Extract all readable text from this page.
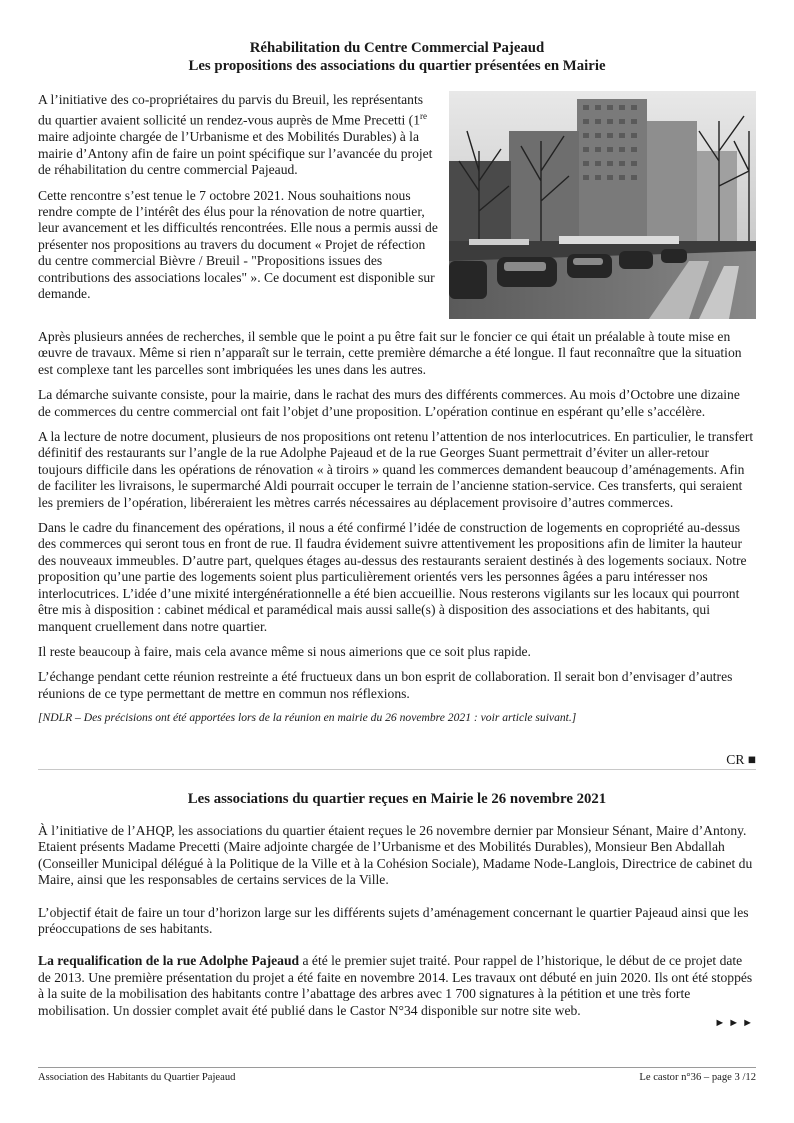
Réhabilitation du Centre Commercial Pajeaud
Les propositions des associations du quartier présentées en Mairie

A l’initiative des co-propriétaires du parvis du Breuil, les représentants du quartier avaient sollicité un rendez-vous auprès de Mme Precetti (1re maire adjointe chargée de l’Urbanisme et des Mobilités Durables) à la mairie d’Antony afin de faire un point spécifique sur l’avancée du projet de réhabilitation du centre commercial Pajeaud.

Cette rencontre s’est tenue le 7 octobre 2021. Nous souhaitions nous rendre compte de l’intérêt des élus pour la rénovation de notre quartier, leur avancement et les difficultés rencontrées. Elle nous a permis aussi de présenter nos propositions au travers du document « Projet de réfection du centre commercial Bièvre / Breuil - "Propositions issues des contributions des associations locales" ». Ce document est disponible sur demande.

Après plusieurs années de recherches, il semble que le point a pu être fait sur le foncier ce qui était un préalable à toute mise en œuvre de travaux. Même si rien n’apparaît sur le terrain, cette première démarche a été longue. Il faut reconnaître que la situation est complexe tant les parcelles sont imbriquées les unes dans les autres.

La démarche suivante consiste, pour la mairie, dans le rachat des murs des différents commerces. Au mois d’Octobre une dizaine de commerces du centre commercial ont fait l’objet d’une proposition. L’opération continue en espérant qu’elle s’accélère.

A la lecture de notre document, plusieurs de nos propositions ont retenu l’attention de nos interlocutrices. En particulier, le transfert définitif des restaurants sur l’angle de la rue Adolphe Pajeaud et de la rue Georges Suant permettrait d’éviter un aller-retour toujours difficile dans les opérations de rénovation « à tiroirs » quand les commerces demandent beaucoup d’aménagements. Afin de faciliter les livraisons, le supermarché Aldi pourrait occuper le terrain de l’ancienne station-service. Ces transferts, qui seraient les premiers de l’opération, libéreraient les mètres carrés nécessaires au déplacement provisoire d’autres commerces.

Dans le cadre du financement des opérations, il nous a été confirmé l’idée de construction de logements en copropriété au-dessus des commerces qui seront tous en front de rue. Il faudra évidement suivre attentivement les propositions afin de limiter la hauteur des nouveaux immeubles. D’autre part, quelques étages au-dessus des restaurants seraient destinés à des logements sociaux. Notre proposition qu’une partie des logements soient plus particulièrement orientés vers les personnes âgées a paru intéresser nos interlocutrices. L’idée d’une mixité intergénérationnelle a été bien accueillie. Nous resterons vigilants sur les locaux qui pourront être mis à disposition : cabinet médical et paramédical mais aussi salle(s) à disposition des associations et des habitants, qui manquent cruellement dans notre quartier.

Il reste beaucoup à faire, mais cela avance même si nous aimerions que ce soit plus rapide.

L’échange pendant cette réunion restreinte a été fructueux dans un bon esprit de collaboration. Il serait bon d’envisager d’autres réunions de ce type permettant de mettre en commun nos réflexions.

[NDLR – Des précisions ont été apportées lors de la réunion en mairie du 26 novembre 2021 : voir article suivant.]

CR ■
Les associations du quartier reçues en Mairie le 26 novembre 2021

À l’initiative de l’AHQP, les associations du quartier étaient reçues le 26 novembre dernier par Monsieur Sénant, Maire d’Antony. Etaient présents Madame Precetti (Maire adjointe chargée de l’Urbanisme et des Mobilités Durables), Monsieur Ben Abdallah (Conseiller Municipal délégué à la Politique de la Ville et à la Cohésion Sociale), Madame Node-Langlois, Directrice de cabinet du Maire, ainsi que les responsables de certains services de la Ville.

L’objectif était de faire un tour d’horizon large sur les différents sujets d’aménagement concernant le quartier Pajeaud ainsi que les préoccupations de ses habitants.

La requalification de la rue Adolphe Pajeaud a été le premier sujet traité. Pour rappel de l’historique, le début de ce projet date de 2013. Une première présentation du projet a été faite en novembre 2014. Les travaux ont débuté en juin 2020. Ils ont été stoppés à la suite de la mobilisation des habitants contre l’abattage des arbres avec 1 700 signatures à la pétition et une très forte mobilisation. Un dossier complet avait été publié dans le Castor N°34 disponible sur notre site web.

►►►
Association des Habitants du Quartier Pajeaud	Le castor n°36 – page 3 /12
